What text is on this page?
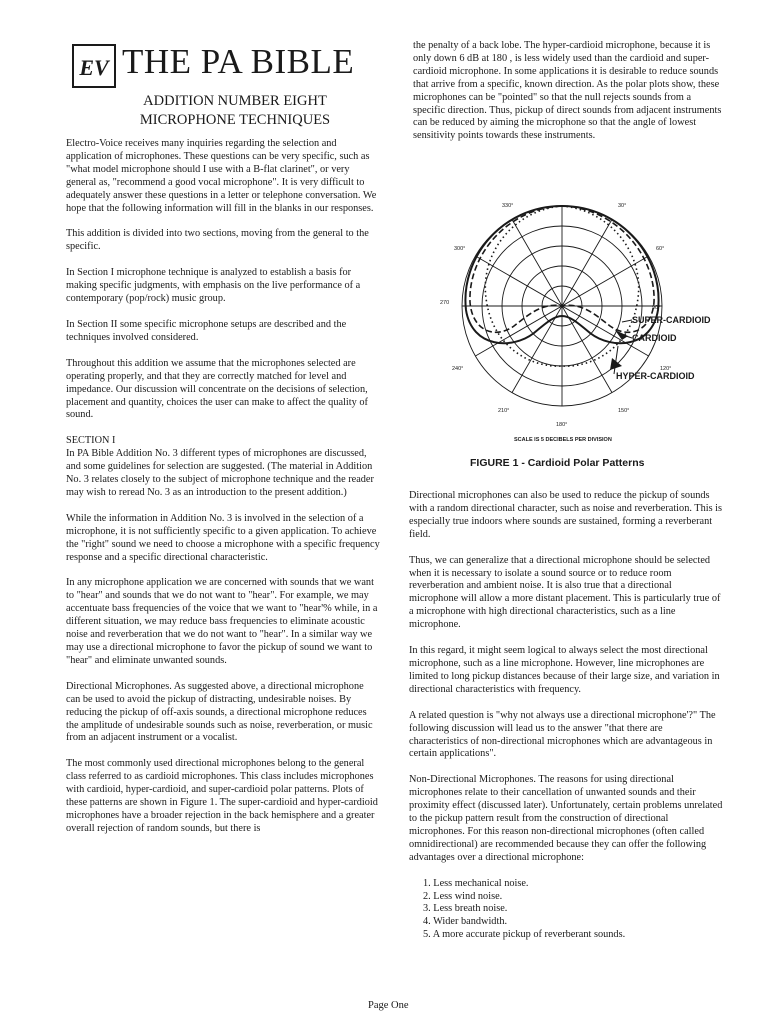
EV THE PA BIBLE
ADDITION NUMBER EIGHT
MICROPHONE TECHNIQUES

Electro-Voice receives many inquiries regarding the selection and application of microphones. These questions can be very specific, such as "what model microphone should I use with a B-flat clarinet", or very general as, "recommend a good vocal microphone". It is very difficult to adequately answer these questions in a letter or telephone conversation. We hope that the following information will fill in the blanks in our responses.

This addition is divided into two sections, moving from the general to the specific.

In Section I microphone technique is analyzed to establish a basis for making specific judgments, with emphasis on the live performance of a contemporary (pop/rock) music group.

In Section II some specific microphone setups are described and the techniques involved considered.

Throughout this addition we assume that the microphones selected are operating properly, and that they are correctly matched for level and impedance. Our discussion will concentrate on the decisions of selection, placement and quantity, choices the user can make to affect the quality of sound.

SECTION I
In PA Bible Addition No. 3 different types of microphones are discussed, and some guidelines for selection are suggested. (The material in Addition No. 3 relates closely to the subject of microphone technique and the reader may wish to reread No. 3 as an introduction to the present addition.)

While the information in Addition No. 3 is involved in the selection of a microphone, it is not sufficiently specific to a given application. To achieve the "right" sound we need to choose a microphone with a specific frequency response and a specific directional characteristic.

In any microphone application we are concerned with sounds that we want to "hear" and sounds that we do not want to "hear". For example, we may accentuate bass frequencies of the voice that we want to "hear'% while, in a different situation, we may reduce bass frequencies to eliminate acoustic noise and reverberation that we do not want to "hear". In a similar way we may use a directional microphone to favor the pickup of sound we want to "hear" and eliminate unwanted sounds.

Directional Microphones. As suggested above, a directional microphone can be used to avoid the pickup of distracting, undesirable noises. By reducing the pickup of off-axis sounds, a directional microphone reduces the amplitude of undesirable sounds such as noise, reverberation, or music from an adjacent instrument or a vocalist.

The most commonly used directional microphones belong to the general class referred to as cardioid microphones. This class includes microphones with cardioid, hyper-cardioid, and super-cardioid polar patterns. Plots of these patterns are shown in Figure 1. The super-cardioid and hyper-cardioid microphones have a broader rejection in the back hemisphere and a greater overall rejection of random sounds, but there is

the penalty of a back lobe. The hyper-cardioid microphone, because it is only down 6 dB at 180 , is less widely used than the cardioid and super-cardioid microphone. In some applications it is desirable to reduce sounds that arrive from a specific, known direction. As the polar plots show, these microphones can be "pointed" so that the null rejects sounds from a specific direction. Thus, pickup of direct sounds from adjacent instruments can be reduced by aiming the microphone so that the angle of lowest sensitivity points towards these instruments.

330°	30°
300°	60°
270
90°
240°	120°
210°	150°
180°
SUPER-CARDIOID
CARDIOID
HYPER-CARDIOID
SCALE IS 5 DECIBELS PER DIVISION
FIGURE 1 - Cardioid Polar Patterns

Directional microphones can also be used to reduce the pickup of sounds with a random directional character, such as noise and reverberation. This is especially true indoors where sounds are sustained, forming a reverberant field.

Thus, we can generalize that a directional microphone should be selected when it is necessary to isolate a sound source or to reduce room reverberation and ambient noise. It is also true that a directional microphone will allow a more distant placement. This is particularly true of a microphone with high directional characteristics, such as a line microphone.

In this regard, it might seem logical to always select the most directional microphone, such as a line microphone. However, line microphones are limited to long pickup distances because of their large size, and variation in directional characteristics with frequency.

A related question is "why not always use a directional microphone'?" The following discussion will lead us to the answer "that there are characteristics of non-directional microphones which are advantageous in certain applications".

Non-Directional Microphones. The reasons for using directional microphones relate to their cancellation of unwanted sounds and their proximity effect (discussed later). Unfortunately, certain problems unrelated to the pickup pattern result from the construction of directional microphones. For this reason non-directional microphones (often called omnidirectional) are recommended because they can offer the following advantages over a directional microphone:

1. Less mechanical noise.
2. Less wind noise.
3. Less breath noise.
4. Wider bandwidth.
5. A more accurate pickup of reverberant sounds.
Page One
